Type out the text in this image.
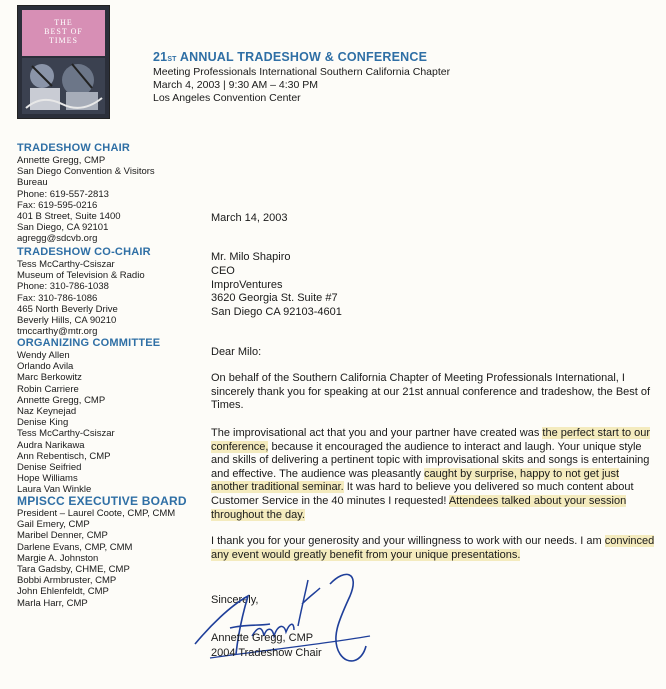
THE
BEST OF
TIMES
21ST ANNUAL TRADESHOW & CONFERENCE
Meeting Professionals International Southern California Chapter
March 4, 2003 | 9:30 AM – 4:30 PM
Los Angeles Convention Center
TRADESHOW CHAIR
Annette Gregg, CMP
San Diego Convention & Visitors
Bureau
Phone: 619-557-2813
Fax: 619-595-0216
401 B Street, Suite 1400
San Diego, CA 92101
agregg@sdcvb.org
TRADESHOW CO-CHAIR
Tess McCarthy-Csiszar
Museum of Television & Radio
Phone: 310-786-1038
Fax: 310-786-1086
465 North Beverly Drive
Beverly Hills, CA 90210
tmccarthy@mtr.org
ORGANIZING COMMITTEE
Wendy Allen
Orlando Avila
Marc Berkowitz
Robin Carriere
Annette Gregg, CMP
Naz Keynejad
Denise King
Tess McCarthy-Csiszar
Audra Narikawa
Ann Rebentisch, CMP
Denise Seifried
Hope Williams
Laura Van Winkle
MPISCC EXECUTIVE BOARD
President – Laurel Coote, CMP, CMM
Gail Emery, CMP
Maribel Denner, CMP
Darlene Evans, CMP, CMM
Margie A. Johnston
Tara Gadsby, CHME, CMP
Bobbi Armbruster, CMP
John Ehlenfeldt, CMP
Marla Harr, CMP
March 14, 2003
Mr. Milo Shapiro
CEO
ImproVentures
3620 Georgia St. Suite #7
San Diego CA 92103-4601
Dear Milo:

On behalf of the Southern California Chapter of Meeting Professionals International, I sincerely thank you for speaking at our 21st annual conference and tradeshow, the Best of Times.

The improvisational act that you and your partner have created was the perfect start to our conference, because it encouraged the audience to interact and laugh. Your unique style and skills of delivering a pertinent topic with improvisational skits and songs is entertaining and effective. The audience was pleasantly caught by surprise, happy to not get just another traditional seminar. It was hard to believe you delivered so much content about Customer Service in the 40 minutes I requested! Attendees talked about your session throughout the day.

I thank you for your generosity and your willingness to work with our needs. I am convinced any event would greatly benefit from your unique presentations.

Sincerely,
Annette Gregg, CMP
2004 Tradeshow Chair
